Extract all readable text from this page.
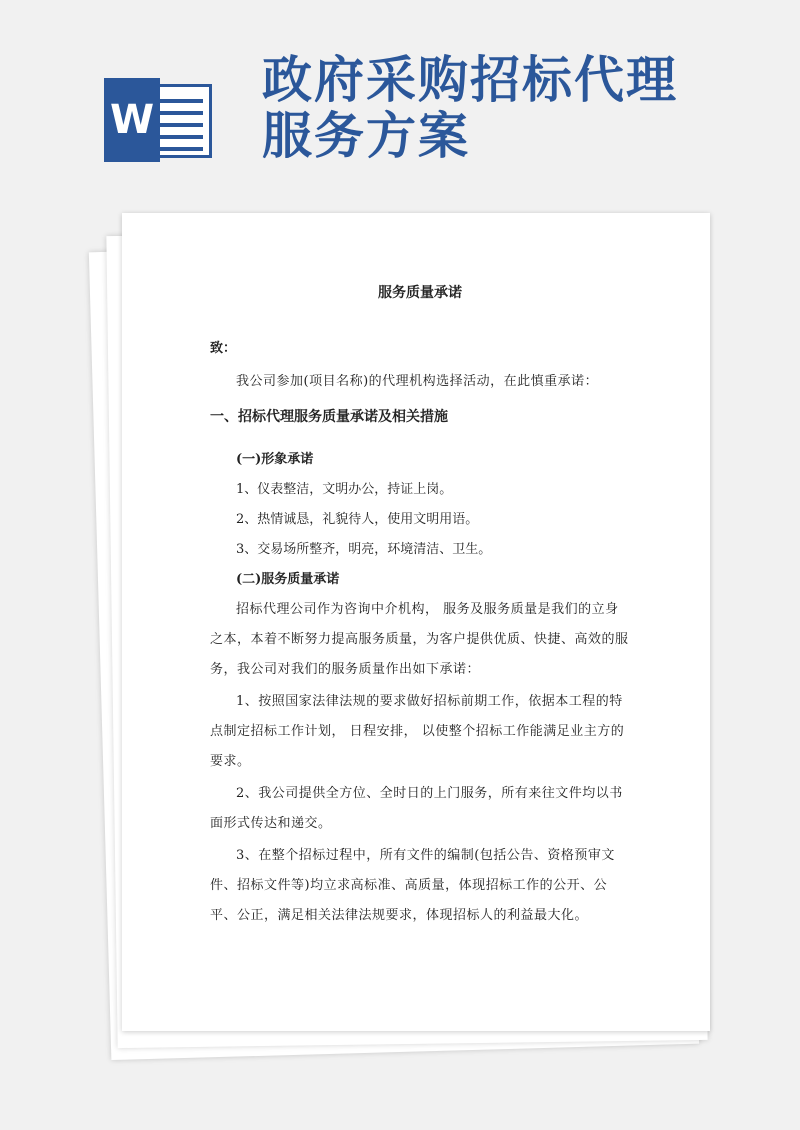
W
政府采购招标代理
服务方案
服务质量承诺
致：

我公司参加(项目名称)的代理机构选择活动，在此慎重承诺：

一、招标代理服务质量承诺及相关措施
(一)形象承诺
1、仪表整洁，文明办公，持证上岗。
2、热情诚恳，礼貌待人，使用文明用语。
3、交易场所整齐，明亮，环境清洁、卫生。
(二)服务质量承诺

招标代理公司作为咨询中介机构， 服务及服务质量是我们的立身之本，本着不断努力提高服务质量，为客户提供优质、快捷、高效的服务，我公司对我们的服务质量作出如下承诺：

1、按照国家法律法规的要求做好招标前期工作，依据本工程的特点制定招标工作计划， 日程安排， 以使整个招标工作能满足业主方的要求。

2、我公司提供全方位、全时日的上门服务，所有来往文件均以书面形式传达和递交。

3、在整个招标过程中，所有文件的编制(包括公告、资格预审文件、招标文件等)均立求高标准、高质量，体现招标工作的公开、公平、公正，满足相关法律法规要求，体现招标人的利益最大化。
